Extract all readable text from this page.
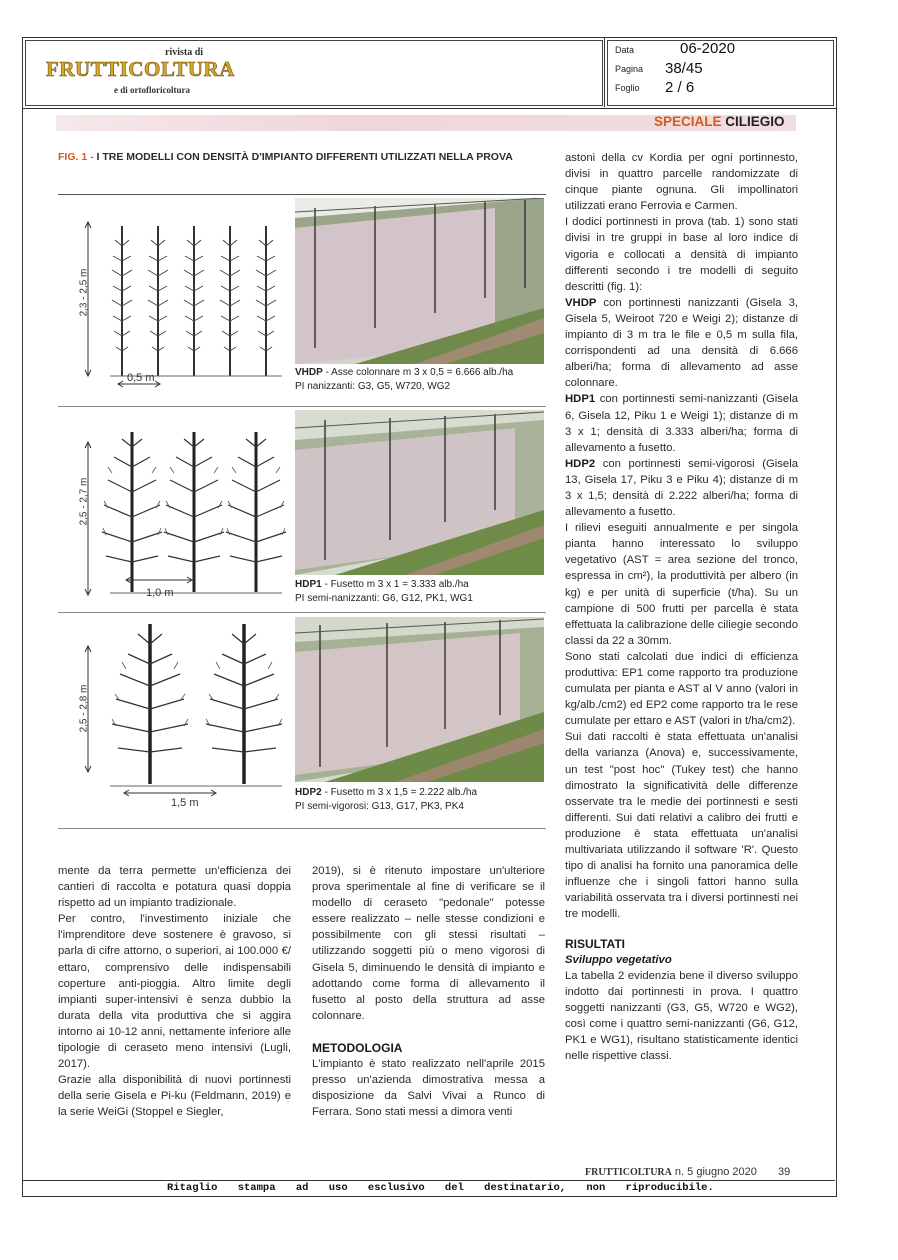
rivista di
FRUTTICOLTURA
e di ortofloricoltura
Data	06-2020
Pagina 38/45
Foglio 2 / 6
SPECIALE CILIEGIO
FIG. 1 - I TRE MODELLI CON DENSITÀ D'IMPIANTO DIFFERENTI UTILIZZATI NELLA PROVA
2,3 - 2,5 m
0,5 m	VHDP - Asse colonnare m 3 x 0,5 = 6.666 alb./ha
PI nanizzanti: G3, G5, W720, WG2
2,5 - 2,7 m
1,0 m
HDP1 - Fusetto m 3 x 1 = 3.333 alb./ha
PI semi-nanizzanti: G6, G12, PK1, WG1
2,5 - 2,8 m
1,5 m
HDP2 - Fusetto m 3 x 1,5 = 2.222 alb./ha
PI semi-vigorosi: G13, G17, PK3, PK4

astoni della cv Kordia per ogni portinnesto, divisi in quattro parcelle randomizzate di cinque piante ognuna. Gli impollinatori utilizzati erano Ferrovia e Carmen.

I dodici portinnesti in prova (tab. 1) sono stati divisi in tre gruppi in base al loro indice di vigoria e collocati a densità di impianto differenti secondo i tre modelli di seguito descritti (fig. 1):

VHDP con portinnesti nanizzanti (Gisela 3, Gisela 5, Weiroot 720 e Weigi 2); distanze di impianto di 3 m tra le file e 0,5 m sulla fila, corrispondenti ad una densità di 6.666 alberi/ha; forma di allevamento ad asse colonnare.

HDP1 con portinnesti semi-nanizzanti (Gisela 6, Gisela 12, Piku 1 e Weigi 1); distanze di m 3 x 1; densità di 3.333 alberi/ha; forma di allevamento a fusetto.

HDP2 con portinnesti semi-vigorosi (Gisela 13, Gisela 17, Piku 3 e Piku 4); distanze di m 3 x 1,5; densità di 2.222 alberi/ha; forma di allevamento a fusetto.

I rilievi eseguiti annualmente e per singola pianta hanno interessato lo sviluppo vegetativo (AST = area sezione del tronco, espressa in cm²), la produttività per albero (in kg) e per unità di superficie (t/ha). Su un campione di 500 frutti per parcella è stata effettuata la calibrazione delle ciliegie secondo classi da 22 a 30mm.

Sono stati calcolati due indici di efficienza produttiva: EP1 come rapporto tra produzione cumulata per pianta e AST al V anno (valori in kg/alb./cm2) ed EP2 come rapporto tra le rese cumulate per ettaro e AST (valori in t/ha/cm2).

Sui dati raccolti è stata effettuata un'analisi della varianza (Anova) e, successivamente, un test "post hoc" (Tukey test) che hanno dimostrato la significatività delle differenze osservate tra le medie dei portinnesti e sesti differenti. Sui dati relativi a calibro dei frutti e produzione è stata effettuata un'analisi multivariata utilizzando il software 'R'. Questo tipo di analisi ha fornito una panoramica delle influenze che i singoli fattori hanno sulla variabilità osservata tra i diversi portinnesti nei tre modelli.

RISULTATI
Sviluppo vegetativo

La tabella 2 evidenzia bene il diverso sviluppo indotto dai portinnesti in prova. I quattro soggetti nanizzanti (G3, G5, W720 e WG2), così come i quattro semi-nanizzanti (G6, G12, PK1 e WG1), risultano statisticamente identici nelle rispettive classi.

mente da terra permette un'efficienza dei cantieri di raccolta e potatura quasi doppia rispetto ad un impianto tradizionale.

Per contro, l'investimento iniziale che l'imprenditore deve sostenere è gravoso, si parla di cifre attorno, o superiori, ai 100.000 €/ ettaro, comprensivo delle indispensabili coperture anti-pioggia. Altro limite degli impianti super-intensivi è senza dubbio la durata della vita produttiva che si aggira intorno ai 10-12 anni, nettamente inferiore alle tipologie di ceraseto meno intensivi (Lugli, 2017).

Grazie alla disponibilità di nuovi portinnesti della serie Gisela e Pi-ku (Feldmann, 2019) e la serie WeiGi (Stoppel e Siegler,

2019), si è ritenuto impostare un'ulteriore prova sperimentale al fine di verificare se il modello di ceraseto "pedonale" potesse essere realizzato – nelle stesse condizioni e possibilmente con gli stessi risultati – utilizzando soggetti più o meno vigorosi di Gisela 5, diminuendo le densità di impianto e adottando come forma di allevamento il fusetto al posto della struttura ad asse colonnare.

METODOLOGIA

L'impianto è stato realizzato nell'aprile 2015 presso un'azienda dimostrativa messa a disposizione da Salvi Vivai a Runco di Ferrara. Sono stati messi a dimora venti

FRUTTICOLTURA n. 5 giugno 2020 39
Ritaglio stampa ad uso esclusivo del destinatario, non riproducibile.
